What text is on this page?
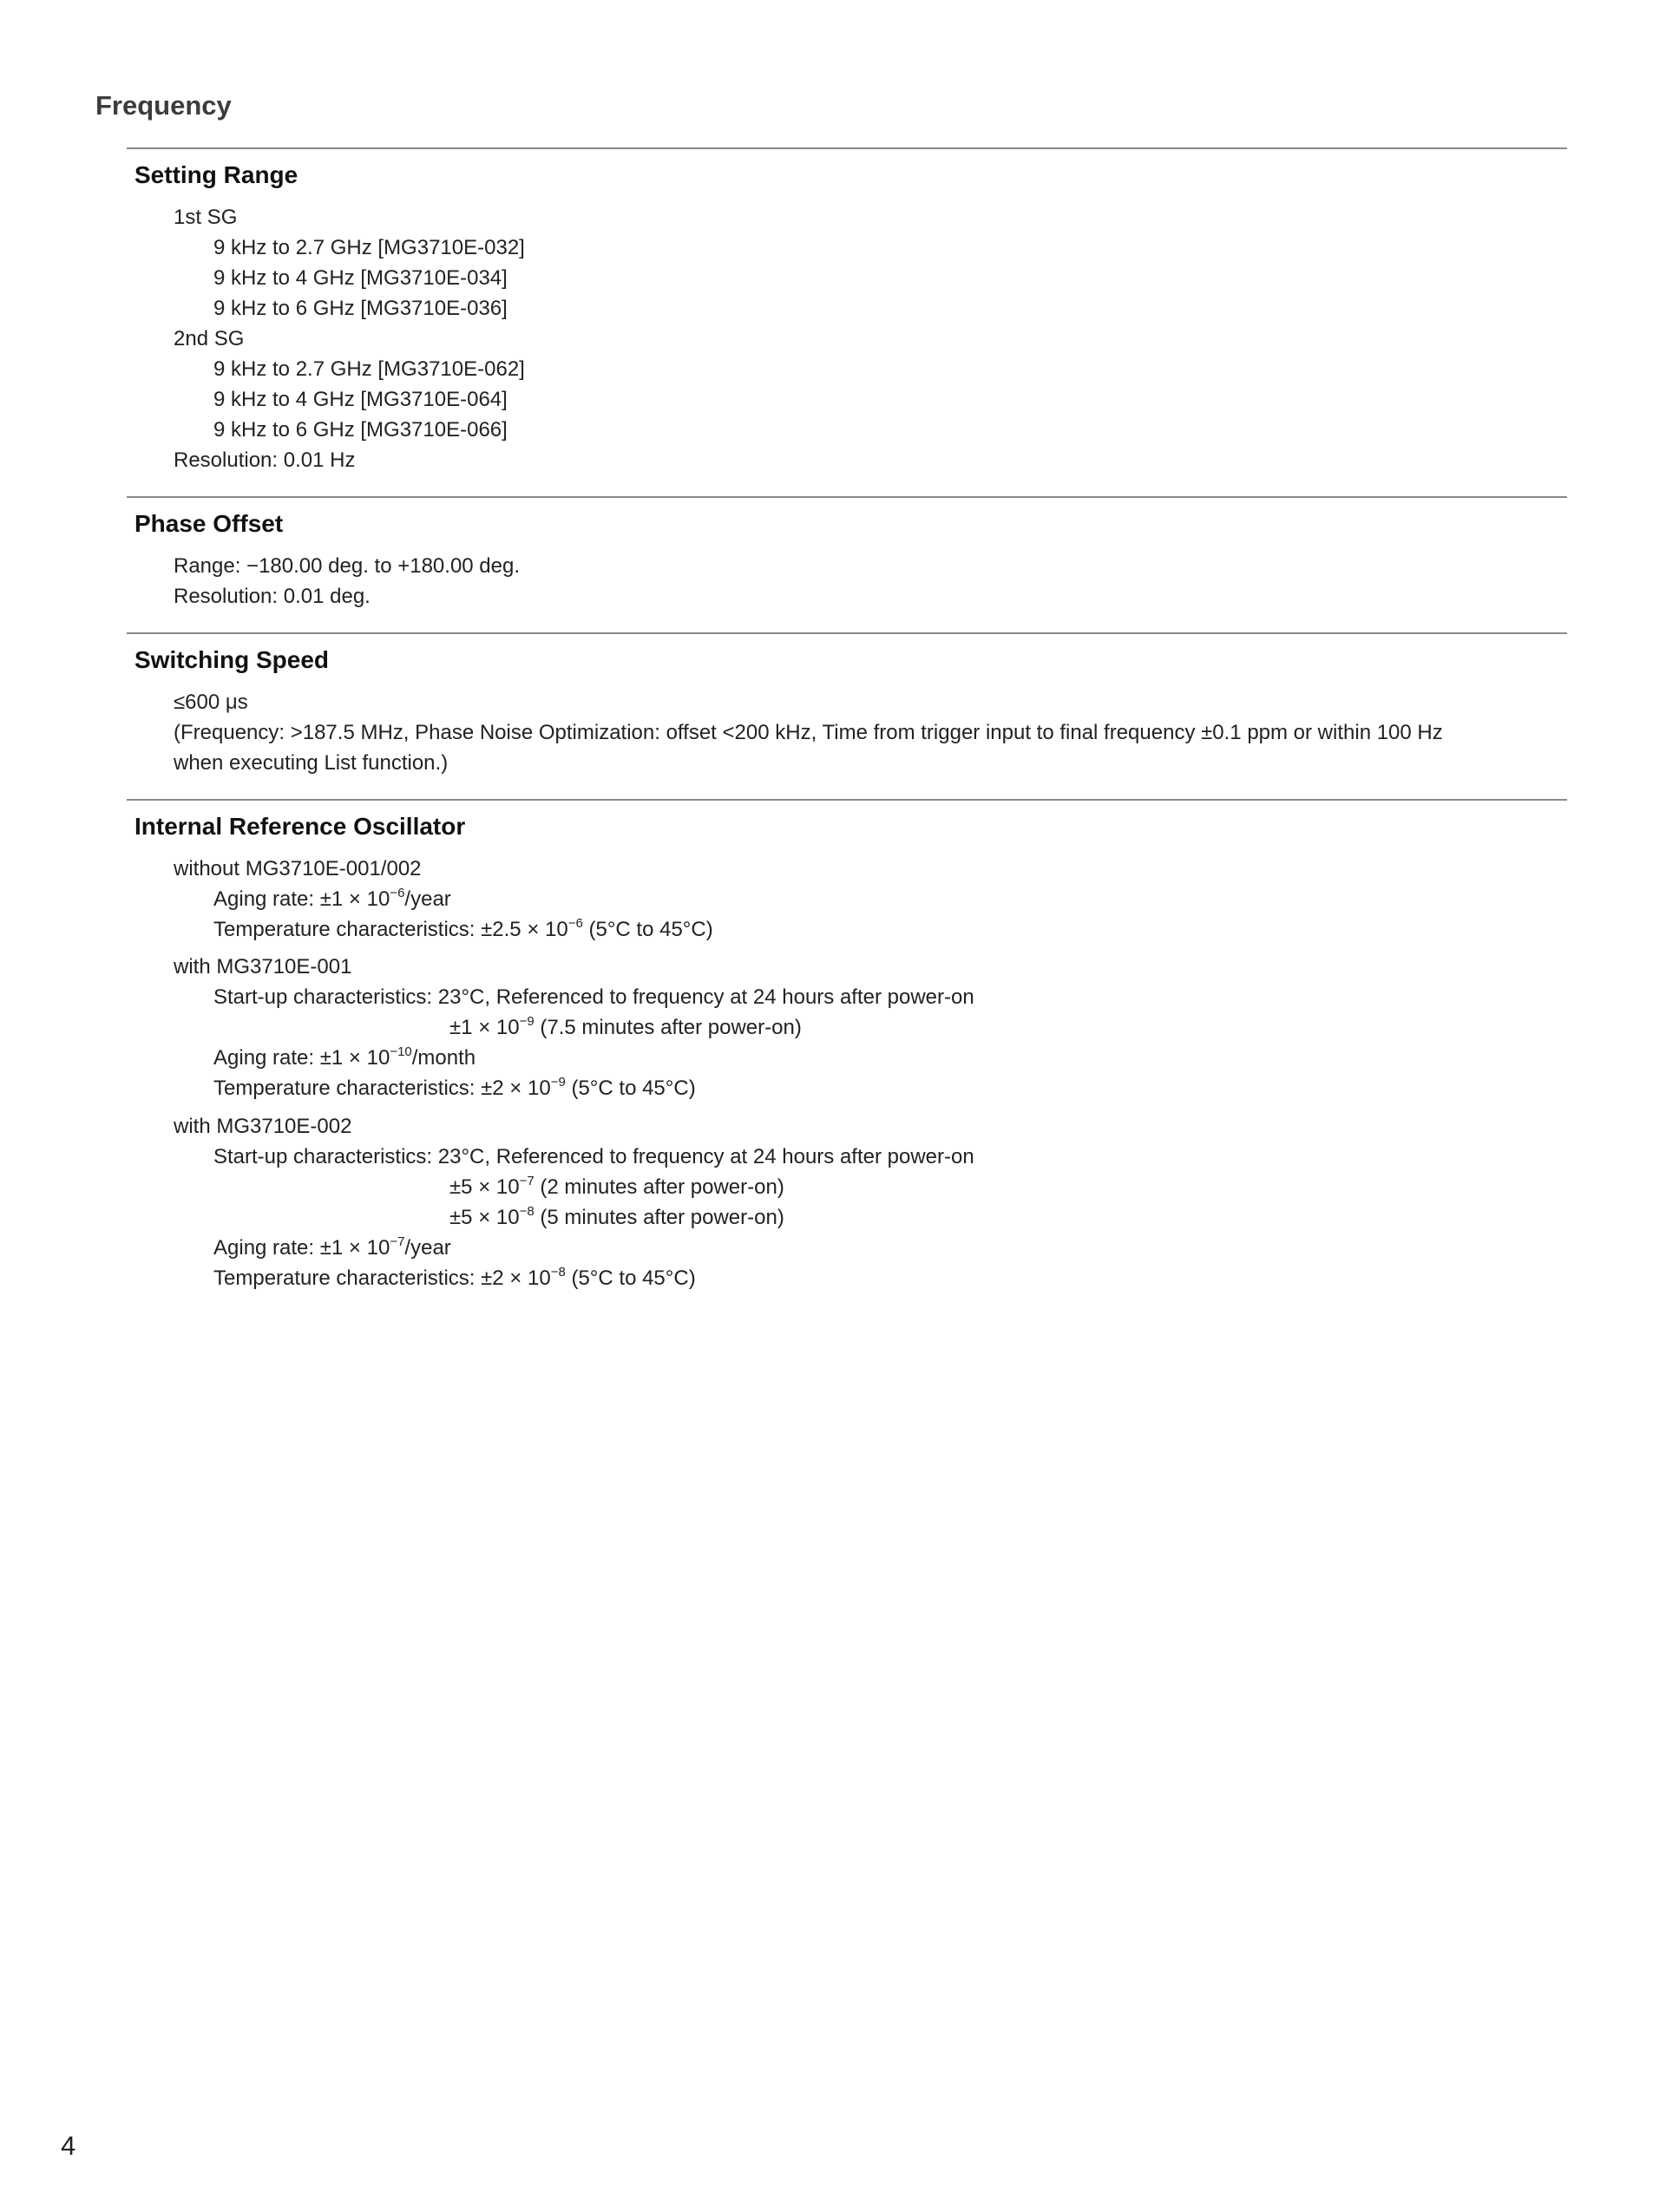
Frequency
Setting Range
1st SG
9 kHz to 2.7 GHz [MG3710E-032]
9 kHz to 4 GHz [MG3710E-034]
9 kHz to 6 GHz [MG3710E-036]
2nd SG
9 kHz to 2.7 GHz [MG3710E-062]
9 kHz to 4 GHz [MG3710E-064]
9 kHz to 6 GHz [MG3710E-066]
Resolution: 0.01 Hz
Phase Offset
Range: −180.00 deg. to +180.00 deg.
Resolution: 0.01 deg.
Switching Speed
≤600 μs
(Frequency: >187.5 MHz, Phase Noise Optimization: offset <200 kHz, Time from trigger input to final frequency ±0.1 ppm or within 100 Hz
when executing List function.)
Internal Reference Oscillator
without MG3710E-001/002
Aging rate: $\pm 1 \times 10^{-6}$/year
Temperature characteristics: $\pm 2.5 \times 10^{-6}$ (5°C to 45°C)
with MG3710E-001
Start-up characteristics: 23°C, Referenced to frequency at 24 hours after power-on
$\pm 1 \times 10^{-9}$ (7.5 minutes after power-on)
Aging rate: $\pm 1 \times 10^{-10}$/month
Temperature characteristics: $\pm 2 \times 10^{-9}$ (5°C to 45°C)
with MG3710E-002
Start-up characteristics: 23°C, Referenced to frequency at 24 hours after power-on
$\pm 5 \times 10^{-7}$ (2 minutes after power-on)
$\pm 5 \times 10^{-8}$ (5 minutes after power-on)
Aging rate: $\pm 1 \times 10^{-7}$/year
Temperature characteristics: $\pm 2 \times 10^{-8}$ (5°C to 45°C)
4
